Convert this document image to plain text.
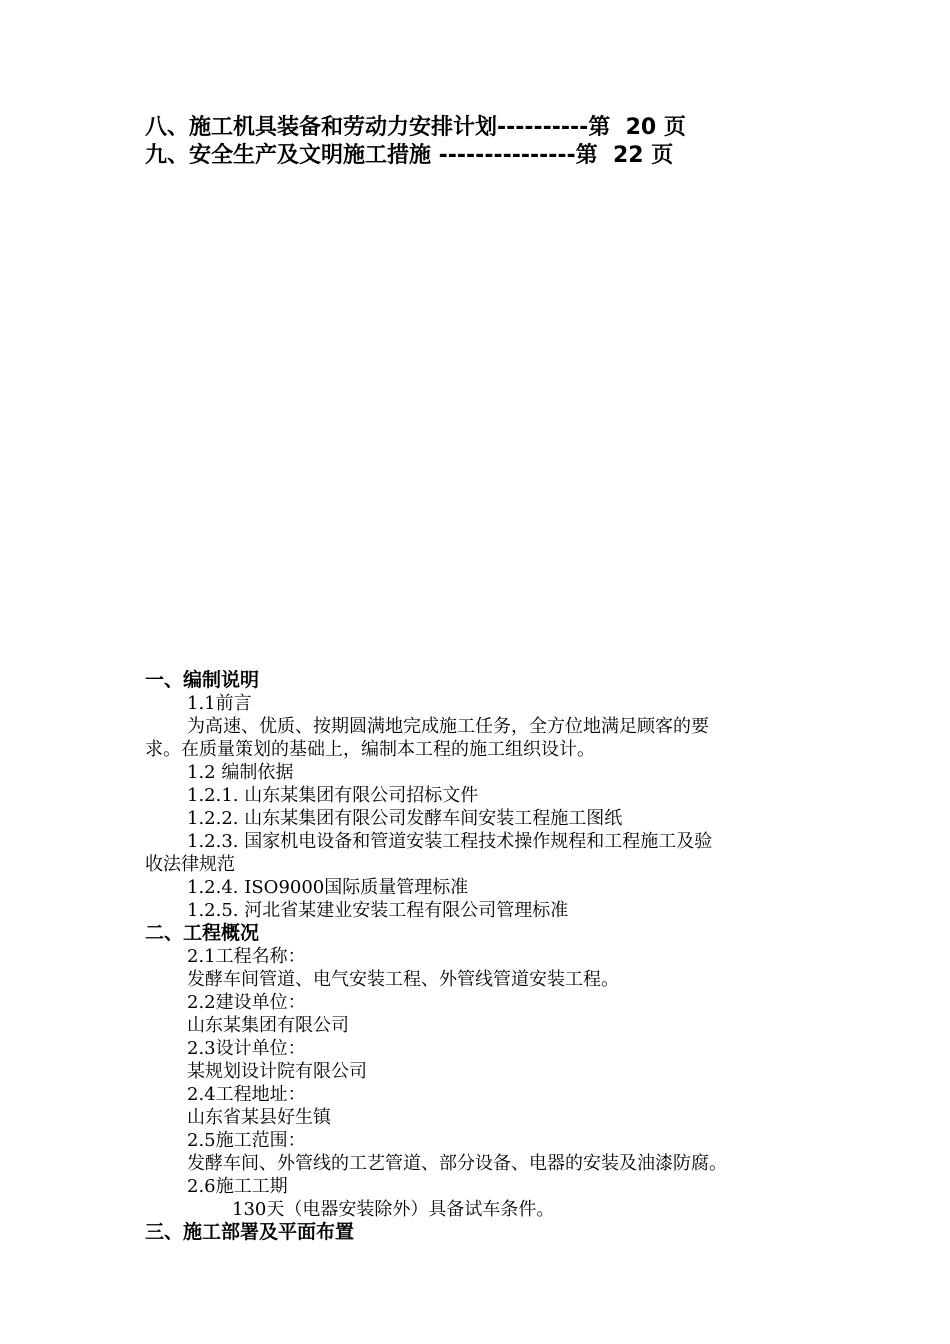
八、施工机具装备和劳动力安排计划----------第  20 页
九、安全生产及文明施工措施 ---------------第  22 页
一、编制说明
1.1前言
为高速、优质、按期圆满地完成施工任务，全方位地满足顾客的要
求。在质量策划的基础上，编制本工程的施工组织设计。
1.2 编制依据
1.2.1. 山东某集团有限公司招标文件
1.2.2. 山东某集团有限公司发酵车间安装工程施工图纸
1.2.3. 国家机电设备和管道安装工程技术操作规程和工程施工及验
收法律规范
1.2.4. ISO9000国际质量管理标准
1.2.5. 河北省某建业安装工程有限公司管理标准
二、工程概况
2.1工程名称：
发酵车间管道、电气安装工程、外管线管道安装工程。
2.2建设单位：
山东某集团有限公司
2.3设计单位：
某规划设计院有限公司
2.4工程地址：
山东省某县好生镇
2.5施工范围：
发酵车间、外管线的工艺管道、部分设备、电器的安装及油漆防腐。
2.6施工工期
130天（电器安装除外）具备试车条件。
三、施工部署及平面布置
